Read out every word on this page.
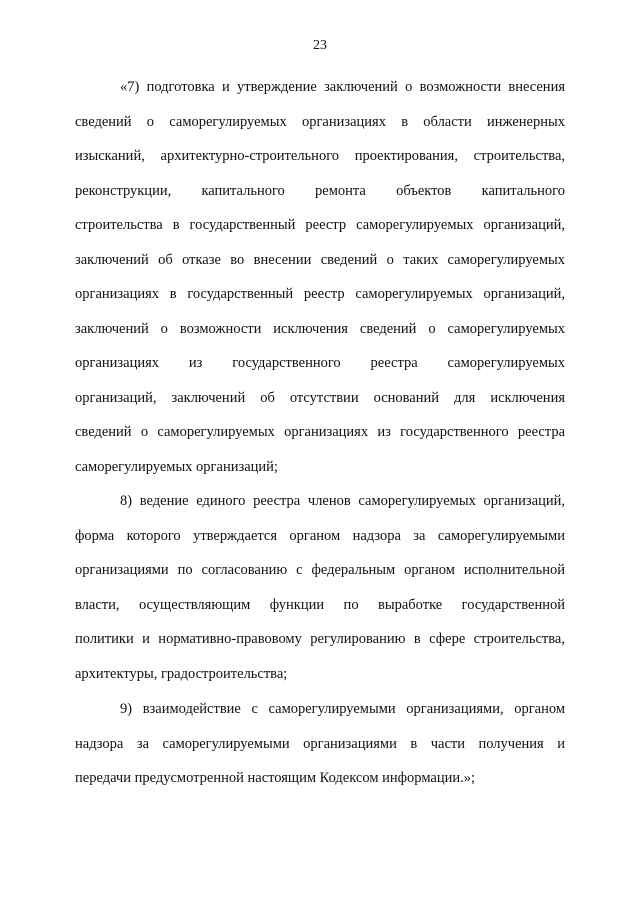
23
«7) подготовка и утверждение заключений о возможности внесения
сведений о саморегулируемых организациях в области инженерных
изысканий, архитектурно-строительного проектирования, строительства,
реконструкции, капитального ремонта объектов капитального
строительства в государственный реестр саморегулируемых организаций,
заключений об отказе во внесении сведений о таких саморегулируемых
организациях в государственный реестр саморегулируемых организаций,
заключений о возможности исключения сведений о саморегулируемых
организациях из государственного реестра саморегулируемых
организаций, заключений об отсутствии оснований для исключения
сведений о саморегулируемых организациях из государственного реестра
саморегулируемых организаций;
8) ведение единого реестра членов саморегулируемых организаций,
форма которого утверждается органом надзора за саморегулируемыми
организациями по согласованию с федеральным органом исполнительной
власти, осуществляющим функции по выработке государственной
политики и нормативно-правовому регулированию в сфере строительства,
архитектуры, градостроительства;
9) взаимодействие с саморегулируемыми организациями, органом
надзора за саморегулируемыми организациями в части получения и
передачи предусмотренной настоящим Кодексом информации.»;
